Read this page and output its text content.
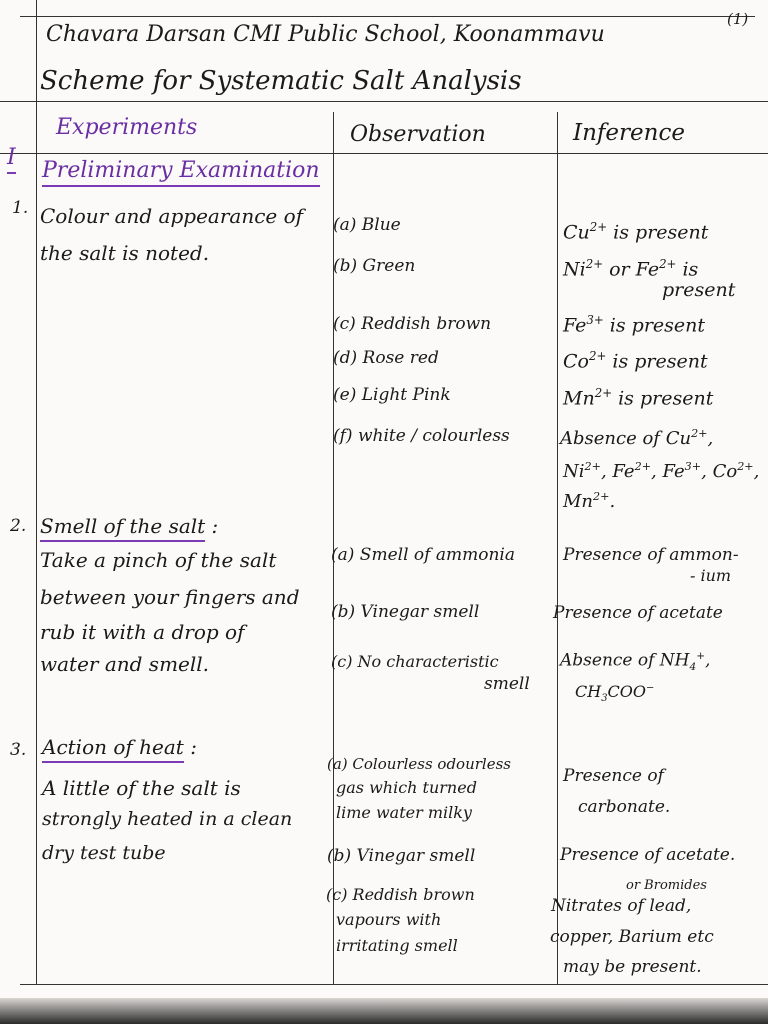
(1)
Chavara Darsan CMI Public School, Koonammavu
Scheme for Systematic Salt Analysis
Experiments	Observation	Inference
I
Preliminary Examination
1. Colour and appearance of
the salt is noted.
(a) Blue
(b) Green
(c) Reddish brown
(d) Rose red
(e) Light Pink
(f) white / colourless
$Cu^{2+}$ is present
$Ni^{2+}$ or $Fe^{2+}$ is
present
$Fe^{3+}$ is present
$Co^{2+}$ is present
$Mn^{2+}$ is present
Absence of $Cu^{2+}$,
$Ni^{2+}$, $Fe^{2+}$, $Fe^{3+}$, $Co^{2+}$,
$Mn^{2+}$.
2. Smell of the salt :
Take a pinch of the salt
between your fingers and
rub it with a drop of
water and smell.
(a) Smell of ammonia
(b) Vinegar smell
(c) No characteristic
smell
Presence of ammon-
- ium
Presence of acetate
Absence of $NH_4^+$,
$CH_3COO^-$
3. Action of heat :
A little of the salt is
strongly heated in a clean
dry test tube
(a) Colourless odourless
gas which turned
lime water milky
(b) Vinegar smell
(c) Reddish brown
vapours with
irritating smell
Presence of
carbonate.
Presence of acetate.
or Bromides
Nitrates of lead,
copper, Barium etc
may be present.
